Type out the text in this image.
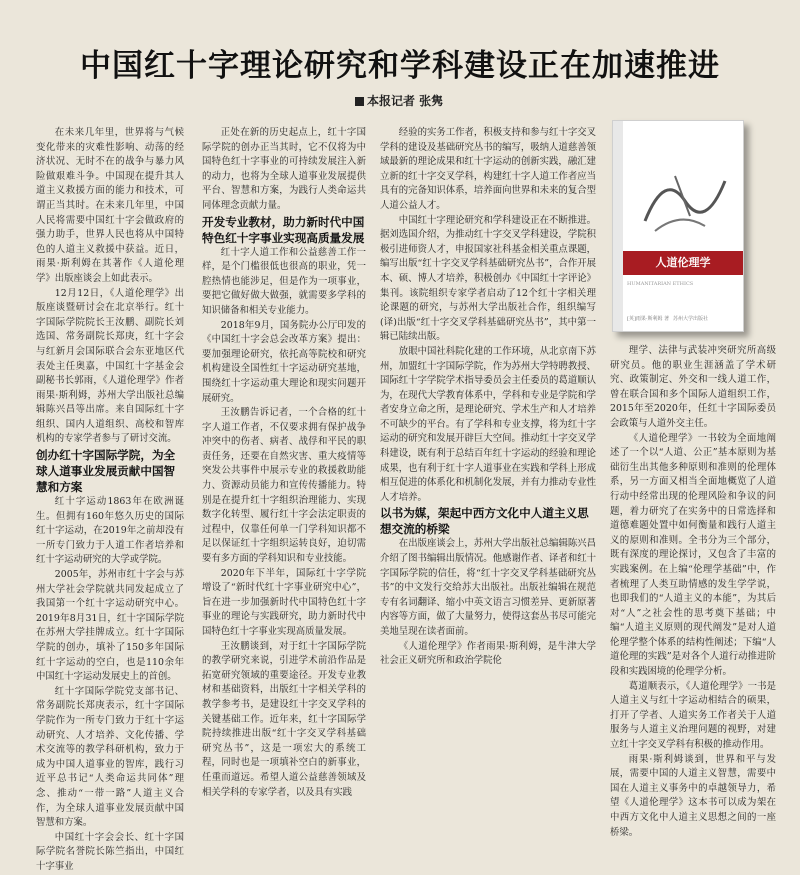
中国红十字理论研究和学科建设正在加速推进
本报记者 张隽

在未来几年里，世界将与气候变化带来的灾难性影响、动荡的经济状况、无时不在的战争与暴力风险做艰难斗争。中国现在提升其人道主义救援方面的能力和技术，可谓正当其时。在未来几年里，中国人民将需要中国红十字会做政府的强力助手，世界人民也将从中国特色的人道主义救援中获益。近日，雨果·斯利姆在其著作《人道伦理学》出版座谈会上如此表示。

12月12日，《人道伦理学》出版座谈暨研讨会在北京举行。红十字国际学院院长王汝鹏、副院长刘选国、常务副院长郑庚，红十字会与红新月会国际联合会东亚地区代表处主任奥嘉，中国红十字基金会副秘书长郭雨，《人道伦理学》作者雨果·斯利姆，苏州大学出版社总编辑陈兴昌等出席。来自国际红十字组织、国内人道组织、高校和智库机构的专家学者参与了研讨交流。

创办红十字国际学院，为全球人道事业发展贡献中国智慧和方案

红十字运动1863年在欧洲诞生。但拥有160年悠久历史的国际红十字运动，在2019年之前却没有一所专门致力于人道工作者培养和红十字运动研究的大学或学院。

2005年，苏州市红十字会与苏州大学社会学院就共同发起成立了我国第一个红十字运动研究中心。2019年8月31日，红十字国际学院在苏州大学挂牌成立。红十字国际学院的创办，填补了150多年国际红十字运动的空白，也是110余年中国红十字运动发展史上的首创。

红十字国际学院党支部书记、常务副院长郑庚表示，红十字国际学院作为一所专门致力于红十字运动研究、人才培养、文化传播、学术交流等的教学科研机构，致力于成为中国人道事业的智库，践行习近平总书记“人类命运共同体”理念、推动“一带一路”人道主义合作，为全球人道事业发展贡献中国智慧和方案。

中国红十字会会长、红十字国际学院名誉院长陈竺指出，中国红十字事业

正处在新的历史起点上，红十字国际学院的创办正当其时，它不仅将为中国特色红十字事业的可持续发展注入新的动力，也将为全球人道事业发展提供平台、智慧和方案，为践行人类命运共同体理念贡献力量。

开发专业教材，助力新时代中国特色红十字事业实现高质量发展

红十字人道工作和公益慈善工作一样，是个门槛很低也很高的职业，凭一腔热情也能涉足，但是作为一项事业，要把它做好做大做强，就需要多学科的知识储备和相关专业能力。

2018年9月，国务院办公厅印发的《中国红十字会总会改革方案》提出：要加强理论研究，依托高等院校和研究机构建设全国性红十字运动研究基地，围绕红十字运动重大理论和现实问题开展研究。

王汝鹏告诉记者，一个合格的红十字人道工作者，不仅要求拥有保护战争冲突中的伤者、病者、战俘和平民的职责任务，还要在自然灾害、重大疫情等突发公共事件中展示专业的救援救助能力、资源动员能力和宣传传播能力。特别是在提升红十字组织治理能力、实现数字化转型、履行红十字会法定职责的过程中，仅靠任何单一门学科知识都不足以保证红十字组织运转良好，迫切需要有多方面的学科知识和专业技能。

2020年下半年，国际红十字学院增设了“新时代红十字事业研究中心”，旨在进一步加强新时代中国特色红十字事业的理论与实践研究，助力新时代中国特色红十字事业实现高质量发展。

王汝鹏谈到，对于红十字国际学院的教学研究来说，引进学术前沿作品是拓宽研究领域的重要途径。开发专业教材和基础资料，出版红十字相关学科的教学参考书，是建设红十字交叉学科的关键基础工作。近年来，红十字国际学院持续推进出版“红十字交叉学科基础研究丛书”，这是一项宏大的系统工程，同时也是一项填补空白的新事业，任重而道远。希望人道公益慈善领域及相关学科的专家学者，以及具有实践

经验的实务工作者，积极支持和参与红十字交叉学科的建设及基础研究丛书的编写，吸纳人道慈善领域最新的理论成果和红十字运动的创新实践，融汇建立新的红十字交叉学科，构建红十字人道工作者应当具有的完备知识体系，培养面向世界和未来的复合型人道公益人才。

中国红十字理论研究和学科建设正在不断推进。据刘选国介绍，为推动红十字交叉学科建设，学院积极引进师资人才，申报国家社科基金相关重点课题，编写出版“红十字交叉学科基础研究丛书”，合作开展本、硕、博人才培养，积极创办《中国红十字评论》集刊。该院组织专家学者启动了12个红十字相关理论课题的研究，与苏州大学出版社合作，组织编写(译)出版“红十字交叉学科基础研究丛书”，其中第一辑已陆续出版。

放眼中国社科院化建的工作环境，从北京南下苏州，加盟红十字国际学院，作为苏州大学特聘教授、国际红十字学院学术指导委员会主任委员的葛道顺认为，在现代大学教育体系中，学科和专业是学院和学者安身立命之所，是理论研究、学术生产和人才培养不可缺少的平台。有了学科和专业支撑，将为红十字运动的研究和发展开辟巨大空间。推动红十字交叉学科建设，既有利于总结百年红十字运动的经验和理论成果，也有利于红十字人道事业在实践和学科上形成相互促进的体系化和机制化发展，并有力推动专业性人才培养。

以书为媒，架起中西方文化中人道主义思想交流的桥梁

在出版座谈会上，苏州大学出版社总编辑陈兴昌介绍了图书编辑出版情况。他感谢作者、译者和红十字国际学院的信任，将“红十字交叉学科基础研究丛书”的中文发行交给苏大出版社。出版社编辑在规范专有名词翻译、缩小中英文语言习惯差异、更新原著内容等方面，做了大量努力，使得这套丛书尽可能完美地呈现在读者面前。

《人道伦理学》作者雨果·斯利姆，是牛津大学社会正义研究所和政治学院伦

人道伦理学
HUMANITARIAN ETHICS
[英]雨果·斯利姆 著 苏州大学出版社

理学、法律与武装冲突研究所高级研究员。他的职业生涯涵盖了学术研究、政策制定、外交和一线人道工作，曾在联合国和多个国际人道组织工作，2015年至2020年，任红十字国际委员会政策与人道外交主任。

《人道伦理学》一书较为全面地阐述了一个以“人道、公正”基本原则为基础衍生出其他多种原则和准则的伦理体系，另一方面又相当全面地概览了人道行动中经常出现的伦理风险和争议的问题，着力研究了在实务中的日常选择和道德难题处置中如何衡量和践行人道主义的原则和准则。全书分为三个部分，既有深度的理论探讨，又包含了丰富的实践案例。在上编“伦理学基础”中，作者梳理了人类互助情感的发生学学说，也即我们的“人道主义的本能”，为其后对“人”之社会性的思考奠下基础；中编“人道主义原则的现代阐发”是对人道伦理学整个体系的结构性阐述；下编“人道伦理的实践”是对各个人道行动推进阶段和实践困境的伦理学分析。

葛道顺表示，《人道伦理学》一书是人道主义与红十字运动相结合的硕果，打开了学者、人道实务工作者关于人道服务与人道主义治理问题的视野，对建立红十字交叉学科有积极的推动作用。

雨果·斯利姆谈到，世界和平与发展，需要中国的人道主义智慧，需要中国在人道主义事务中的卓越领导力，希望《人道伦理学》这本书可以成为架在中西方文化中人道主义思想之间的一座桥梁。
